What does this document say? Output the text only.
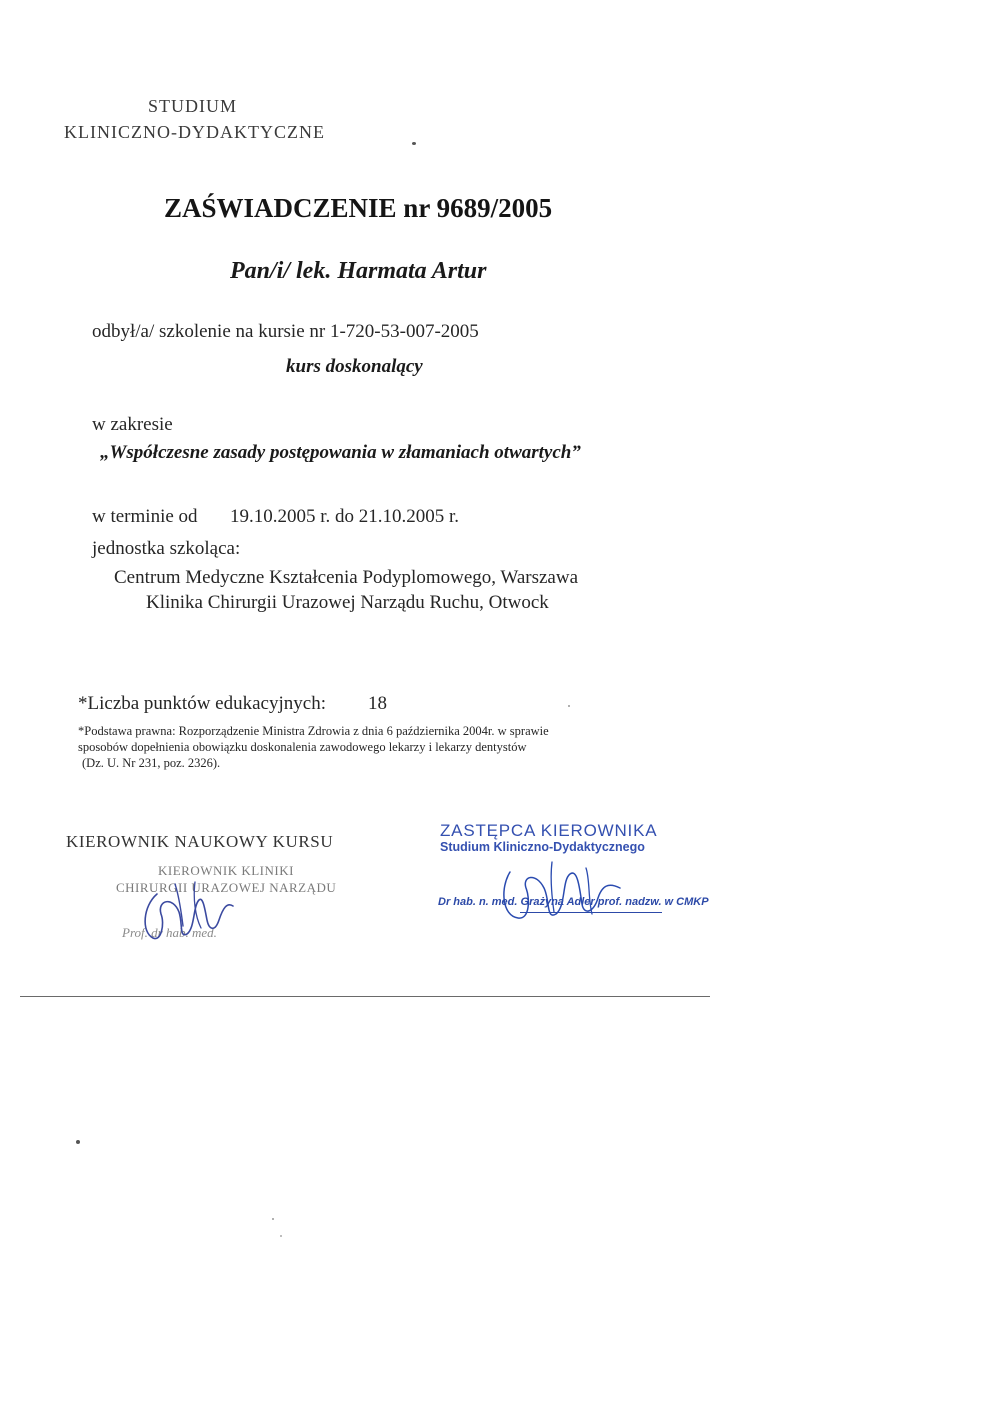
STUDIUM
KLINICZNO-DYDAKTYCZNE
ZAŚWIADCZENIE nr 9689/2005
Pan/i/ lek. Harmata Artur
odbył/a/ szkolenie na kursie nr 1-720-53-007-2005
kurs doskonalący
w zakresie
„Współczesne zasady postępowania w złamaniach otwartych”
w terminie od 19.10.2005 r. do 21.10.2005 r.
jednostka szkoląca:
Centrum Medyczne Kształcenia Podyplomowego, Warszawa
Klinika Chirurgii Urazowej Narządu Ruchu, Otwock
*Liczba punktów edukacyjnych: 18
*Podstawa prawna: Rozporządzenie Ministra Zdrowia z dnia 6 października 2004r. w sprawie
sposobów dopełnienia obowiązku doskonalenia zawodowego lekarzy i lekarzy dentystów
(Dz. U. Nr 231, poz. 2326).
KIEROWNIK NAUKOWY KURSU
KIEROWNIK KLINIKI
CHIRURGII URAZOWEJ NARZĄDU
Prof. dr hab. med.
ZASTĘPCA KIEROWNIKA
Studium Kliniczno-Dydaktycznego
Dr hab. n. med. Grażyna Adler prof. nadzw. w CMKP
